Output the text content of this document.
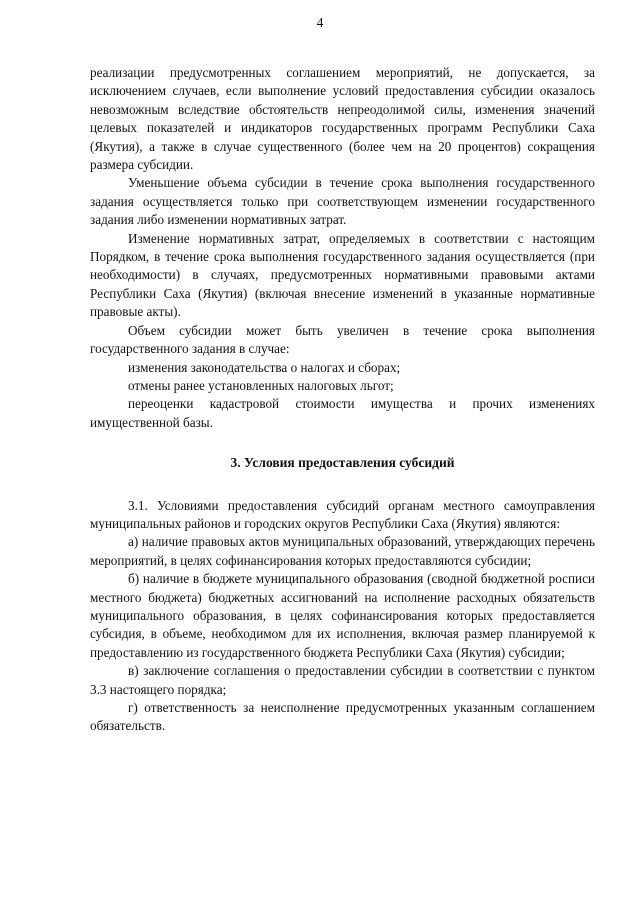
4

реализации предусмотренных соглашением мероприятий, не допускается, за исключением случаев, если выполнение условий предоставления субсидии оказалось невозможным вследствие обстоятельств непреодолимой силы, изменения значений целевых показателей и индикаторов государственных программ Республики Саха (Якутия), а также в случае существенного (более чем на 20 процентов) сокращения размера субсидии.

Уменьшение объема субсидии в течение срока выполнения государственного задания осуществляется только при соответствующем изменении государственного задания либо изменении нормативных затрат.

Изменение нормативных затрат, определяемых в соответствии с настоящим Порядком, в течение срока выполнения государственного задания осуществляется (при необходимости) в случаях, предусмотренных нормативными правовыми актами Республики Саха (Якутия) (включая внесение изменений в указанные нормативные правовые акты).

Объем субсидии может быть увеличен в течение срока выполнения государственного задания в случае:

изменения законодательства о налогах и сборах;

отмены ранее установленных налоговых льгот;

переоценки кадастровой стоимости имущества и прочих изменениях имущественной базы.

3. Условия предоставления субсидий

3.1. Условиями предоставления субсидий органам местного самоуправления муниципальных районов и городских округов Республики Саха (Якутия) являются:

а) наличие правовых актов муниципальных образований, утверждающих перечень мероприятий, в целях софинансирования которых предоставляются субсидии;

б) наличие в бюджете муниципального образования (сводной бюджетной росписи местного бюджета) бюджетных ассигнований на исполнение расходных обязательств муниципального образования, в целях софинансирования которых предоставляется субсидия, в объеме, необходимом для их исполнения, включая размер планируемой к предоставлению из государственного бюджета Республики Саха (Якутия) субсидии;

в) заключение соглашения о предоставлении субсидии в соответствии с пунктом 3.3 настоящего порядка;

г) ответственность за неисполнение предусмотренных указанным соглашением обязательств.
